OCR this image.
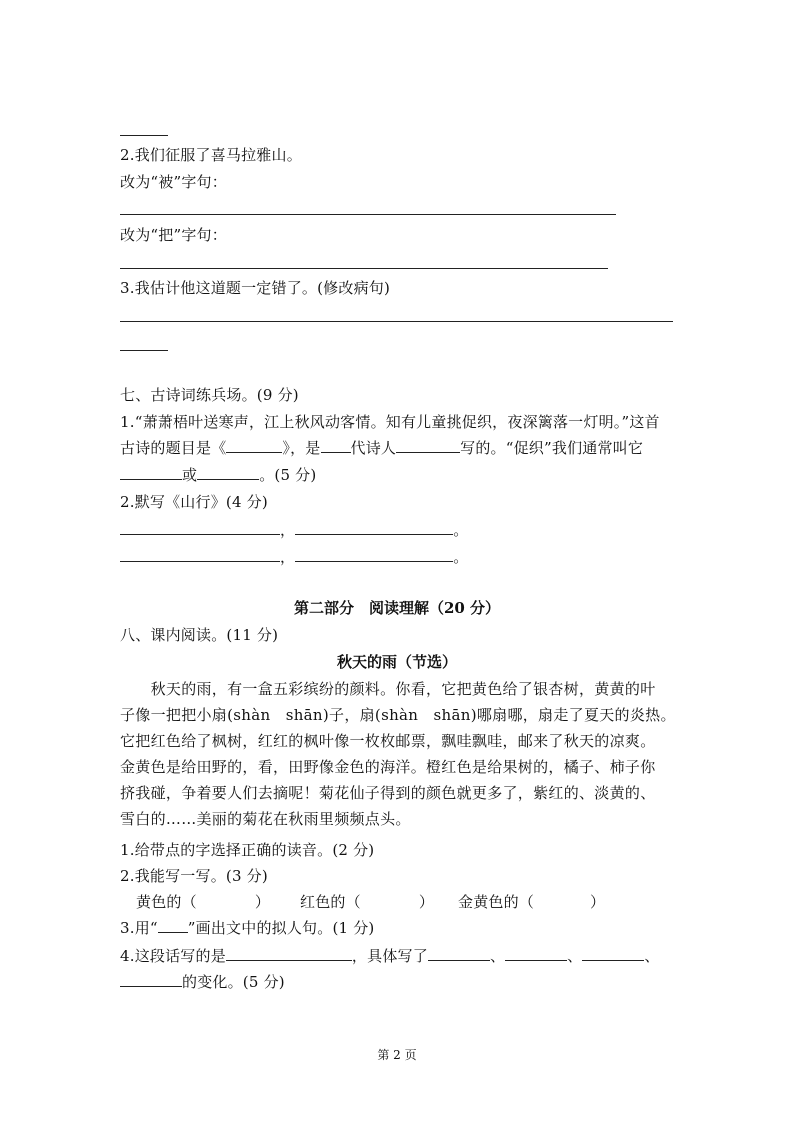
2.我们征服了喜马拉雅山。
改为“被”字句：
改为“把”字句：
3.我估计他这道题一定错了。(修改病句)
七、古诗词练兵场。(9 分)
1.“萧萧梧叶送寒声，江上秋风动客情。知有儿童挑促织，夜深篱落一灯明。”这首
古诗的题目是《	》，是 代诗人	写的。“促织”我们通常叫它
或	。(5 分)
2.默写《山行》(4 分)
，	。
，	。
第二部分　阅读理解（20 分）
八、课内阅读。(11 分)
秋天的雨（节选）
　　秋天的雨，有一盒五彩缤纷的颜料。你看，它把黄色给了银杏树，黄黄的叶
子像一把把小扇(shàn　shān)子，扇(shàn　shān)哪扇哪，扇走了夏天的炎热。
它把红色给了枫树，红红的枫叶像一枚枚邮票，飘哇飘哇，邮来了秋天的凉爽。
金黄色是给田野的，看，田野像金色的海洋。橙红色是给果树的，橘子、柿子你
挤我碰，争着要人们去摘呢！菊花仙子得到的颜色就更多了，紫红的、淡黄的、
雪白的……美丽的菊花在秋雨里频频点头。
1.给带点的字选择正确的读音。(2 分)
2.我能写一写。(3 分)
黄色的（	） 红色的（	） 金黄色的（	）
3.用“ ”画出文中的拟人句。(1 分)
4.这段话写的是	，具体写了	、	、	、
的变化。(5 分)
第 2 页
